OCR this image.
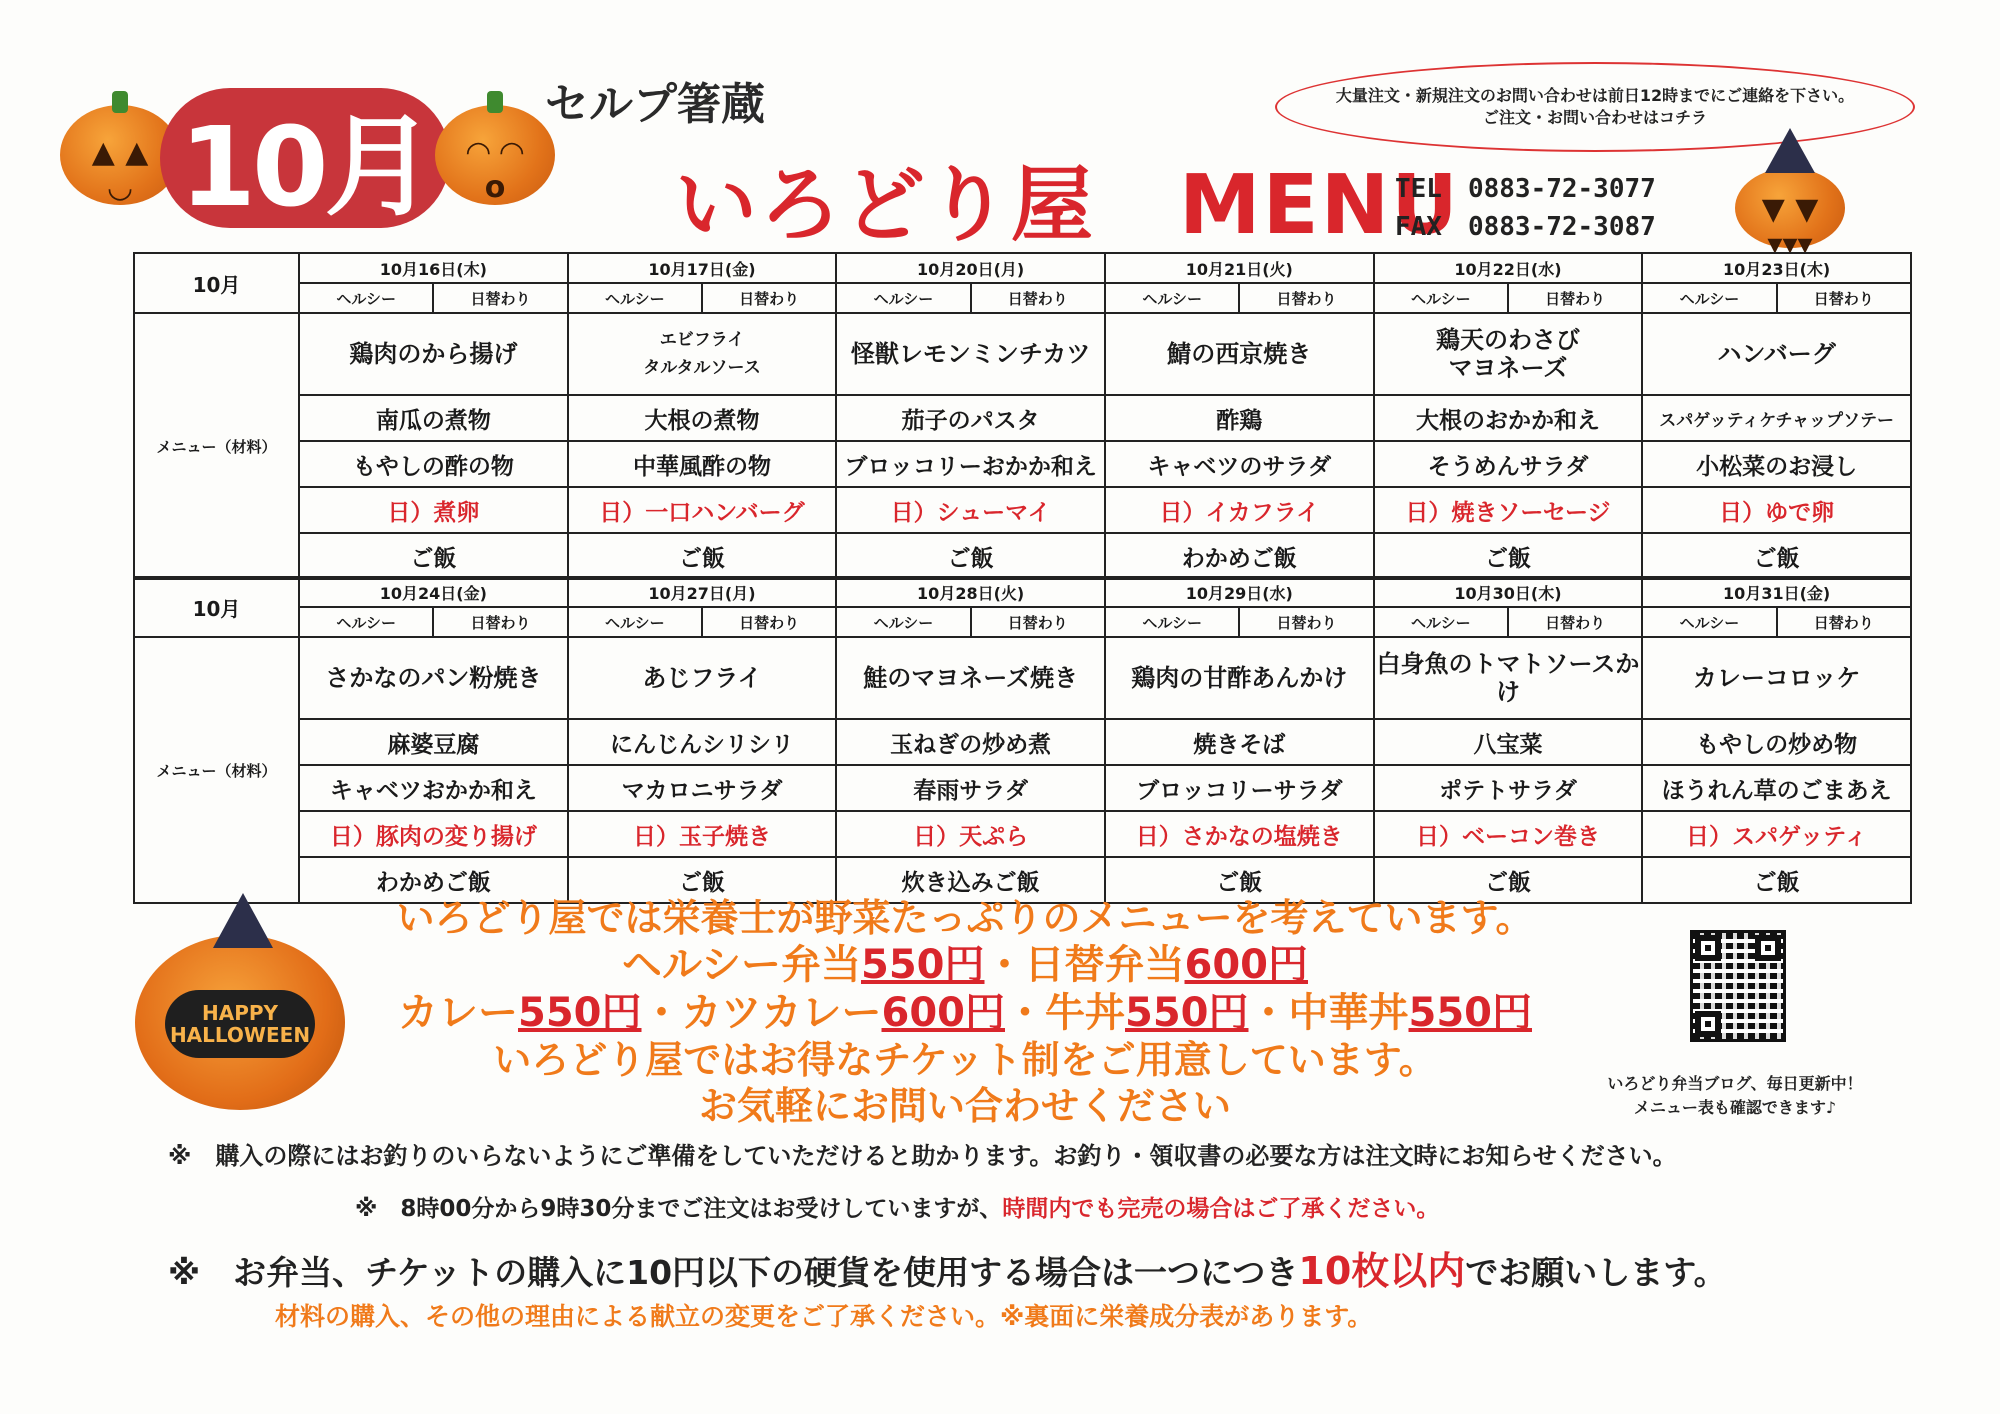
▲ ▲
◡ 10月	◠ ◠
o
セルプ箸蔵
いろどり屋　MENU
大量注文・新規注文のお問い合わせは前日12時までにご連絡を下さい。
ご注文・お問い合わせはコチラ
TEL　0883-72-3077
FAX　0883-72-3087	▼ ▼
▾▾▾
10月	10月16日(木)		10月17日(金)		10月20日(月)		10月21日(火)		10月22日(水)		10月23日(木)	
	ヘルシー	日替わり	ヘルシー	日替わり	ヘルシー	日替わり	ヘルシー	日替わり	ヘルシー	日替わり	ヘルシー	日替わり
メニュー（材料）	鶏肉のから揚げ		エビフライ
タルタルソース		怪獣レモンミンチカツ		鯖の西京焼き		鶏天のわさび
マヨネーズ		ハンバーグ	
	南瓜の煮物		大根の煮物		茄子のパスタ		酢鶏		大根のおかか和え		スパゲッティケチャップソテー	
	もやしの酢の物		中華風酢の物		ブロッコリーおかか和え		キャベツのサラダ		そうめんサラダ		小松菜のお浸し	
	日）煮卵		日）一口ハンバーグ		日）シューマイ		日）イカフライ		日）焼きソーセージ		日）ゆで卵	
	ご飯		ご飯		ご飯		わかめご飯		ご飯		ご飯	
10月	10月24日(金)		10月27日(月)		10月28日(火)		10月29日(水)		10月30日(木)		10月31日(金)	
	ヘルシー	日替わり	ヘルシー	日替わり	ヘルシー	日替わり	ヘルシー	日替わり	ヘルシー	日替わり	ヘルシー	日替わり
メニュー（材料）	さかなのパン粉焼き		あじフライ		鮭のマヨネーズ焼き		鶏肉の甘酢あんかけ		白身魚のトマトソースかけ		カレーコロッケ	
	麻婆豆腐		にんじんシリシリ		玉ねぎの炒め煮		焼きそば		八宝菜		もやしの炒め物	
	キャベツおかか和え		マカロニサラダ		春雨サラダ		ブロッコリーサラダ		ポテトサラダ		ほうれん草のごまあえ	
	日）豚肉の変り揚げ		日）玉子焼き		日）天ぷら		日）さかなの塩焼き		日）ベーコン巻き		日）スパゲッティ	
	わかめご飯		ご飯		炊き込みご飯		ご飯		ご飯		ご飯	
HAPPY
HALLOWEEN
いろどり屋では栄養士が野菜たっぷりのメニューを考えています。
ヘルシー弁当550円・日替弁当600円
カレー550円・カツカレー600円・牛丼550円・中華丼550円
いろどり屋ではお得なチケット制をご用意しています。
お気軽にお問い合わせください
いろどり弁当ブログ、毎日更新中！
メニュー表も確認できます♪
※　購入の際にはお釣りのいらないようにご準備をしていただけると助かります。お釣り・領収書の必要な方は注文時にお知らせください。
※　8時00分から9時30分までご注文はお受けしていますが、時間内でも完売の場合はご了承ください。
※　お弁当、チケットの購入に10円以下の硬貨を使用する場合は一つにつき10枚以内でお願いします。
材料の購入、その他の理由による献立の変更をご了承ください。※裏面に栄養成分表があります。
